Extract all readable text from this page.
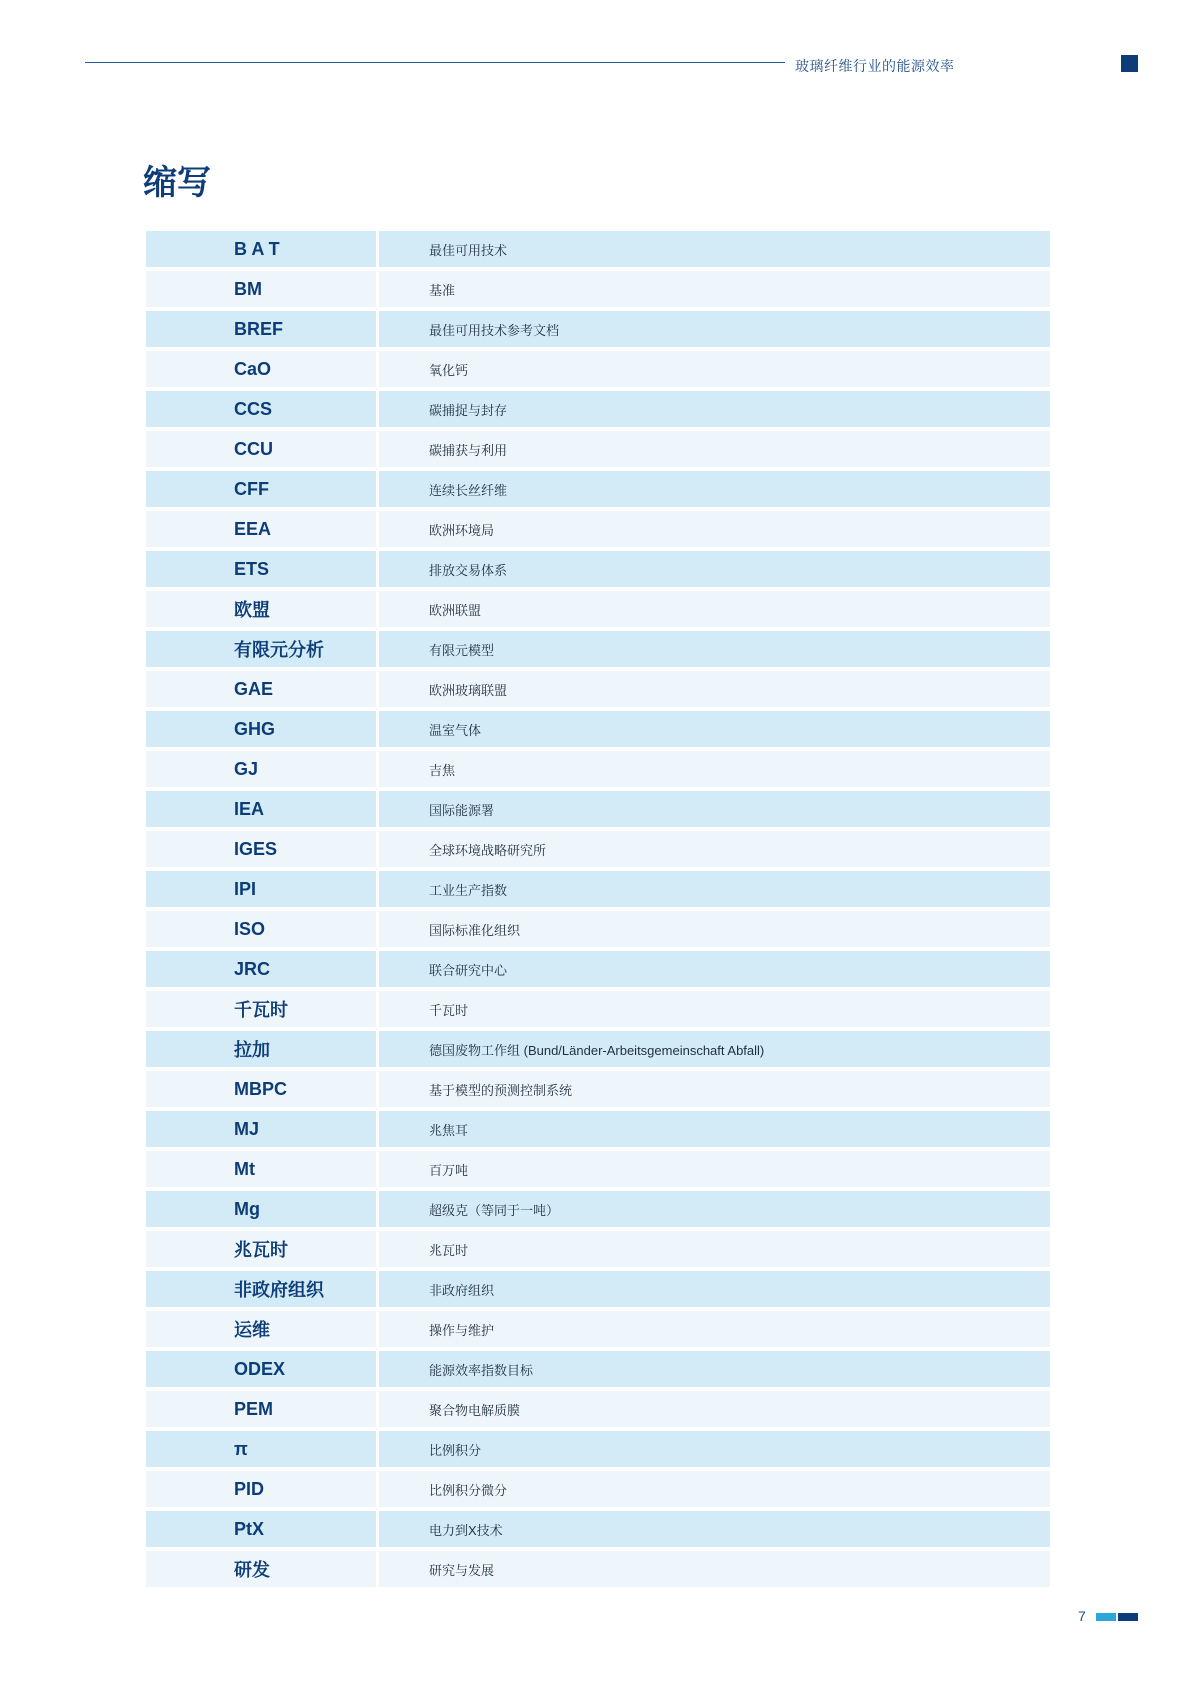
玻璃纤维行业的能源效率
缩写
B A T	最佳可用技术
BM	基准
BREF	最佳可用技术参考文档
CaO	氧化钙
CCS	碳捕捉与封存
CCU	碳捕获与利用
CFF	连续长丝纤维
EEA	欧洲环境局
ETS	排放交易体系
欧盟	欧洲联盟
有限元分析	有限元模型
GAE	欧洲玻璃联盟
GHG	温室气体
GJ	吉焦
IEA	国际能源署
IGES	全球环境战略研究所
IPI	工业生产指数
ISO	国际标准化组织
JRC	联合研究中心
千瓦时	千瓦时
拉加	德国废物工作组 (Bund/Länder-Arbeitsgemeinschaft Abfall)
MBPC	基于模型的预测控制系统
MJ	兆焦耳
Mt	百万吨
Mg	超级克（等同于一吨）
兆瓦时	兆瓦时
非政府组织	非政府组织
运维	操作与维护
ODEX	能源效率指数目标
PEM	聚合物电解质膜
π	比例积分
PID	比例积分微分
PtX	电力到X技术
研发	研究与发展
7
